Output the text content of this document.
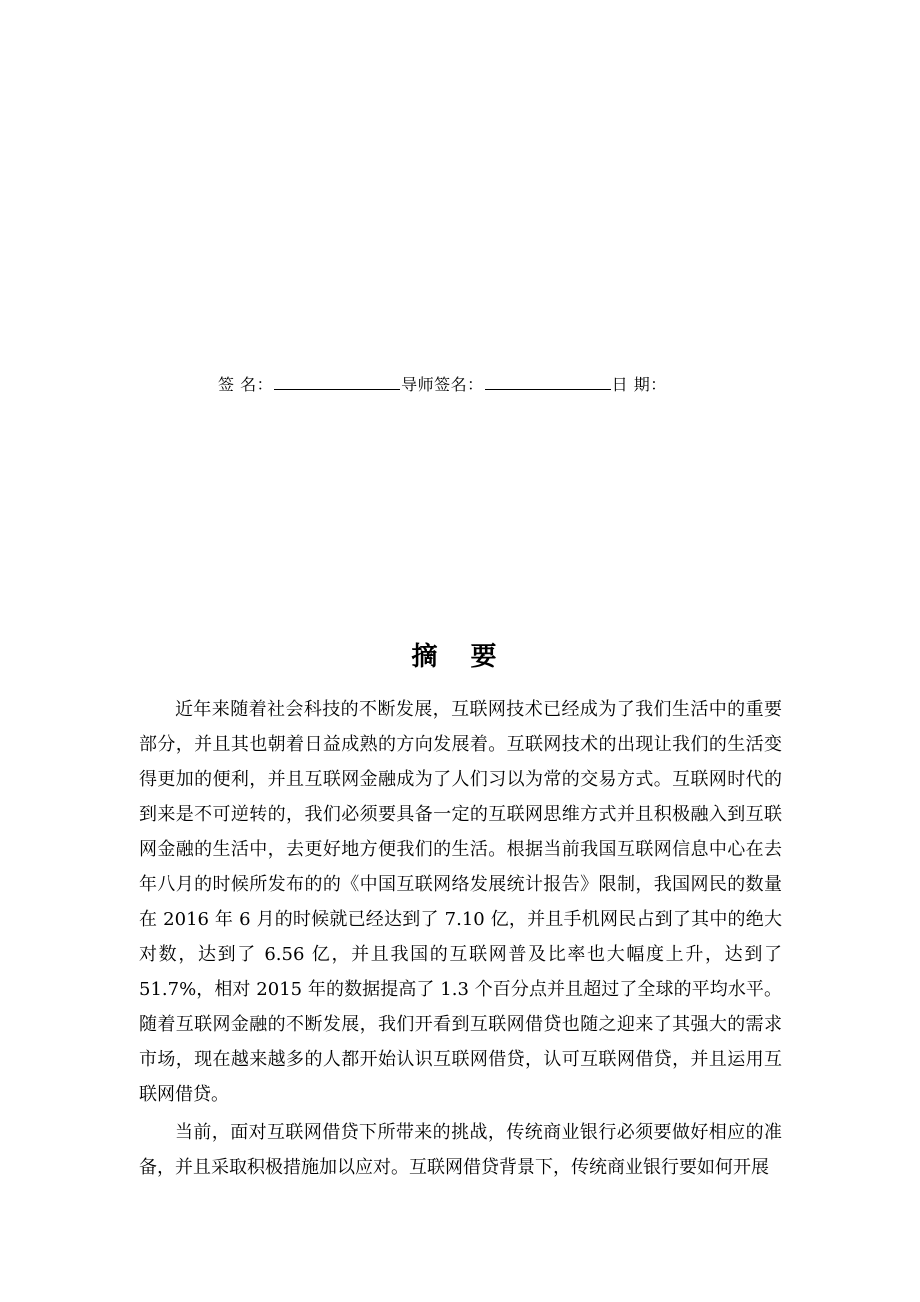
签 名：	导师签名：	日 期：
摘 要

近年来随着社会科技的不断发展，互联网技术已经成为了我们生活中的重要部分，并且其也朝着日益成熟的方向发展着。互联网技术的出现让我们的生活变得更加的便利，并且互联网金融成为了人们习以为常的交易方式。互联网时代的到来是不可逆转的，我们必须要具备一定的互联网思维方式并且积极融入到互联网金融的生活中，去更好地方便我们的生活。根据当前我国互联网信息中心在去年八月的时候所发布的的《中国互联网络发展统计报告》限制，我国网民的数量在 2016 年 6 月的时候就已经达到了 7.10 亿，并且手机网民占到了其中的绝大对数，达到了 6.56 亿，并且我国的互联网普及比率也大幅度上升，达到了 51.7%，相对 2015 年的数据提高了 1.3 个百分点并且超过了全球的平均水平。随着互联网金融的不断发展，我们开看到互联网借贷也随之迎来了其强大的需求市场，现在越来越多的人都开始认识互联网借贷，认可互联网借贷，并且运用互联网借贷。

当前，面对互联网借贷下所带来的挑战，传统商业银行必须要做好相应的准备，并且采取积极措施加以应对。互联网借贷背景下，传统商业银行要如何开展
